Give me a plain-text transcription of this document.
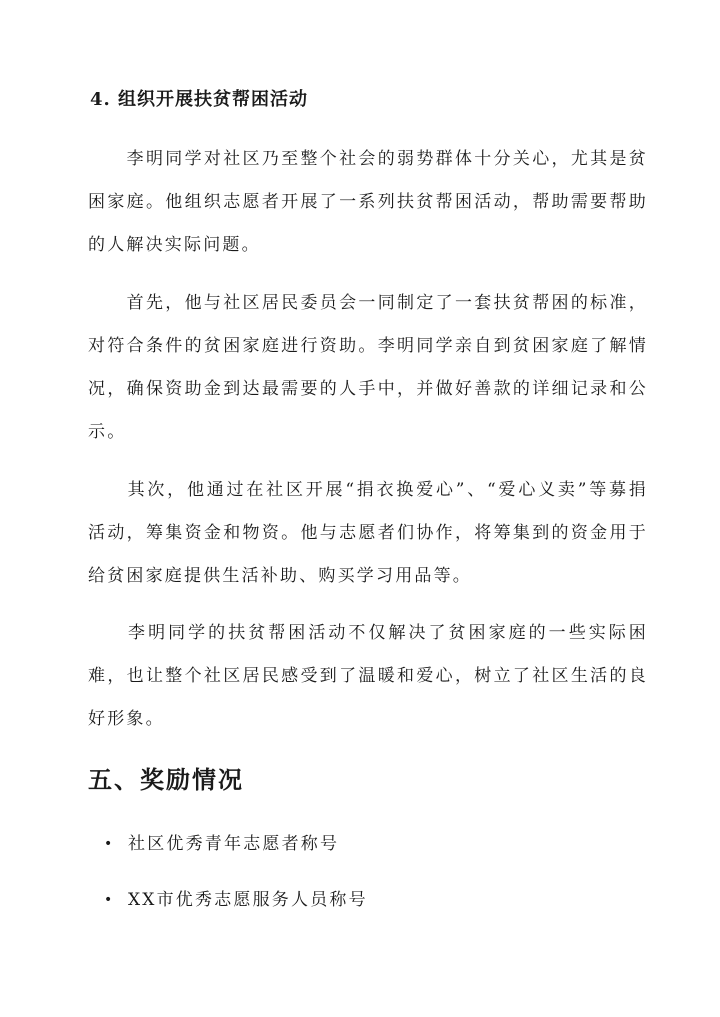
4. 组织开展扶贫帮困活动

　　李明同学对社区乃至整个社会的弱势群体十分关心，尤其是贫困家庭。他组织志愿者开展了一系列扶贫帮困活动，帮助需要帮助的人解决实际问题。

　　首先，他与社区居民委员会一同制定了一套扶贫帮困的标准，对符合条件的贫困家庭进行资助。李明同学亲自到贫困家庭了解情况，确保资助金到达最需要的人手中，并做好善款的详细记录和公示。

　　其次，他通过在社区开展“捐衣换爱心”、“爱心义卖”等募捐活动，筹集资金和物资。他与志愿者们协作，将筹集到的资金用于给贫困家庭提供生活补助、购买学习用品等。

　　李明同学的扶贫帮困活动不仅解决了贫困家庭的一些实际困难，也让整个社区居民感受到了温暖和爱心，树立了社区生活的良好形象。

五、奖励情况
• 社区优秀青年志愿者称号
• XX市优秀志愿服务人员称号
